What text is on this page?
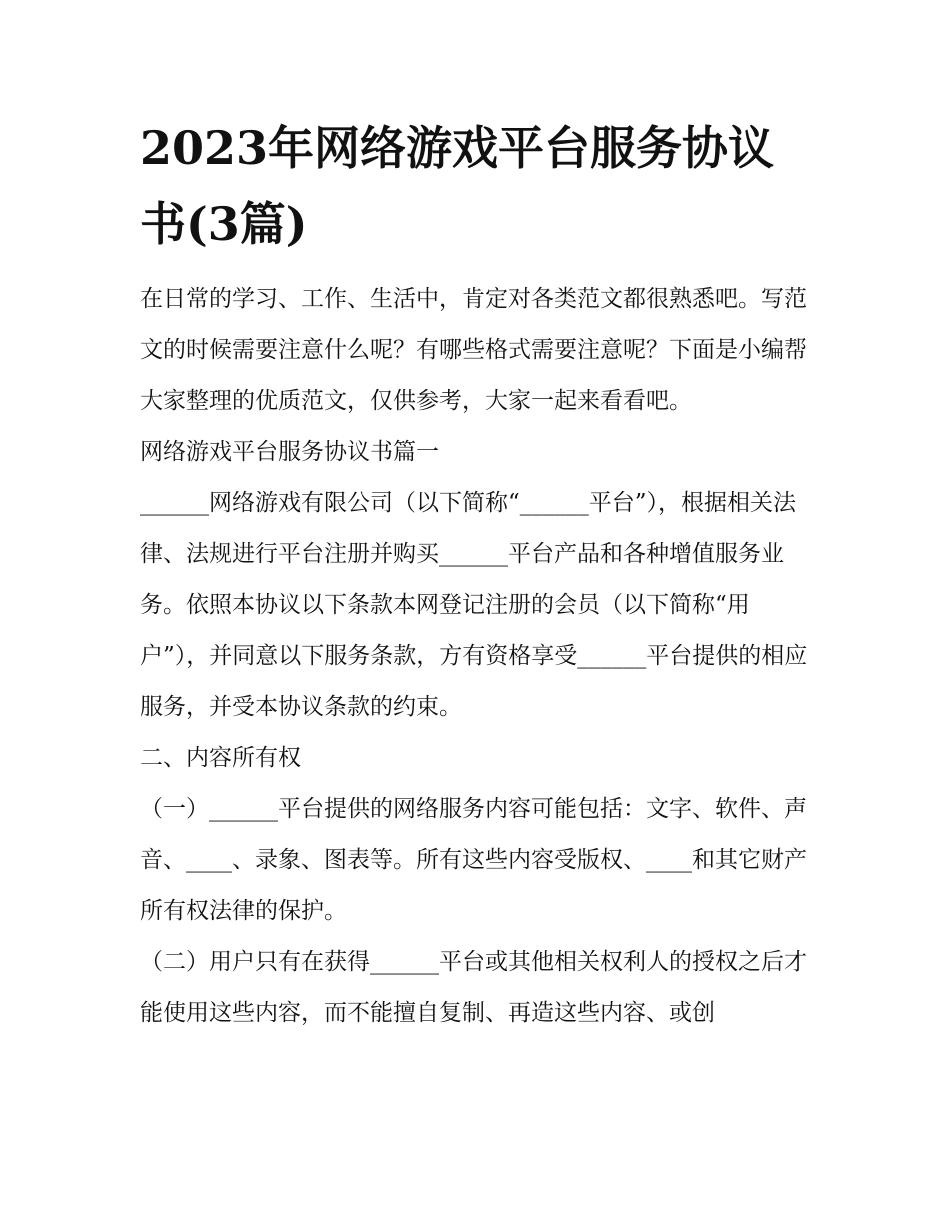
2023年网络游戏平台服务协议书(3篇)

在日常的学习、工作、生活中，肯定对各类范文都很熟悉吧。写范文的时候需要注意什么呢？有哪些格式需要注意呢？下面是小编帮大家整理的优质范文，仅供参考，大家一起来看看吧。

网络游戏平台服务协议书篇一

______网络游戏有限公司（以下简称“______平台”），根据相关法律、法规进行平台注册并购买______平台产品和各种增值服务业务。依照本协议以下条款本网登记注册的会员（以下简称“用户”），并同意以下服务条款，方有资格享受______平台提供的相应服务，并受本协议条款的约束。

二、内容所有权

（一）______平台提供的网络服务内容可能包括：文字、软件、声音、____、录象、图表等。所有这些内容受版权、____和其它财产所有权法律的保护。

（二）用户只有在获得______平台或其他相关权利人的授权之后才能使用这些内容，而不能擅自复制、再造这些内容、或创
